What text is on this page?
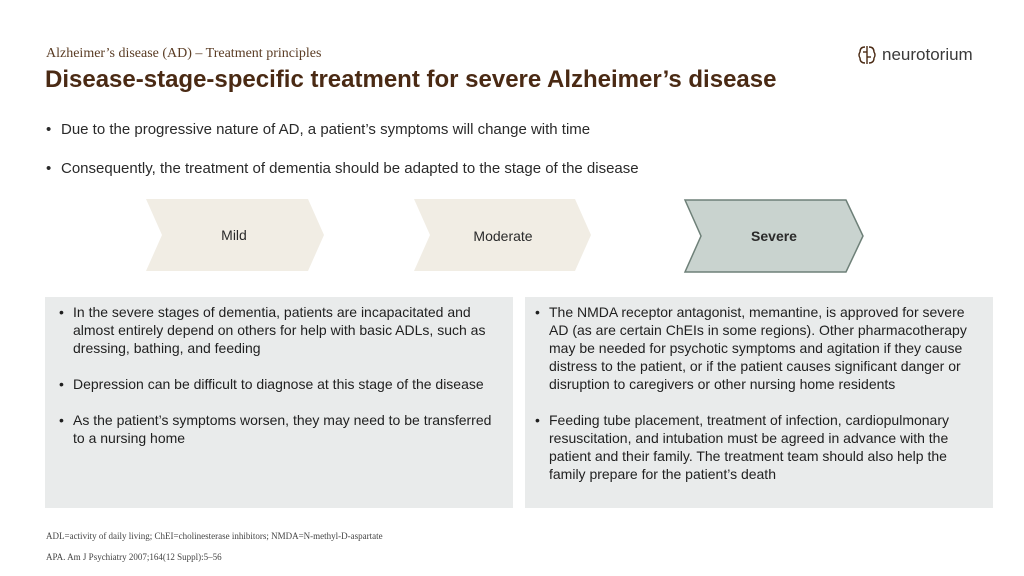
Alzheimer’s disease (AD) – Treatment principles
Disease-stage-specific treatment for severe Alzheimer’s disease
neurotorium
• Due to the progressive nature of AD, a patient’s symptoms will change with time
• Consequently, the treatment of dementia should be adapted to the stage of the disease
Mild	Moderate	Severe
• In the severe stages of dementia, patients are incapacitated and almost entirely depend on others for help with basic ADLs, such as dressing, bathing, and feeding
• Depression can be difficult to diagnose at this stage of the disease
• As the patient’s symptoms worsen, they may need to be transferred to a nursing home
• The NMDA receptor antagonist, memantine, is approved for severe AD (as are certain ChEIs in some regions). Other pharmacotherapy may be needed for psychotic symptoms and agitation if they cause distress to the patient, or if the patient causes significant danger or disruption to caregivers or other nursing home residents
• Feeding tube placement, treatment of infection, cardiopulmonary resuscitation, and intubation must be agreed in advance with the patient and their family. The treatment team should also help the family prepare for the patient’s death
ADL=activity of daily living; ChEI=cholinesterase inhibitors; NMDA=N-methyl-D-aspartate
APA. Am J Psychiatry 2007;164(12 Suppl):5–56
